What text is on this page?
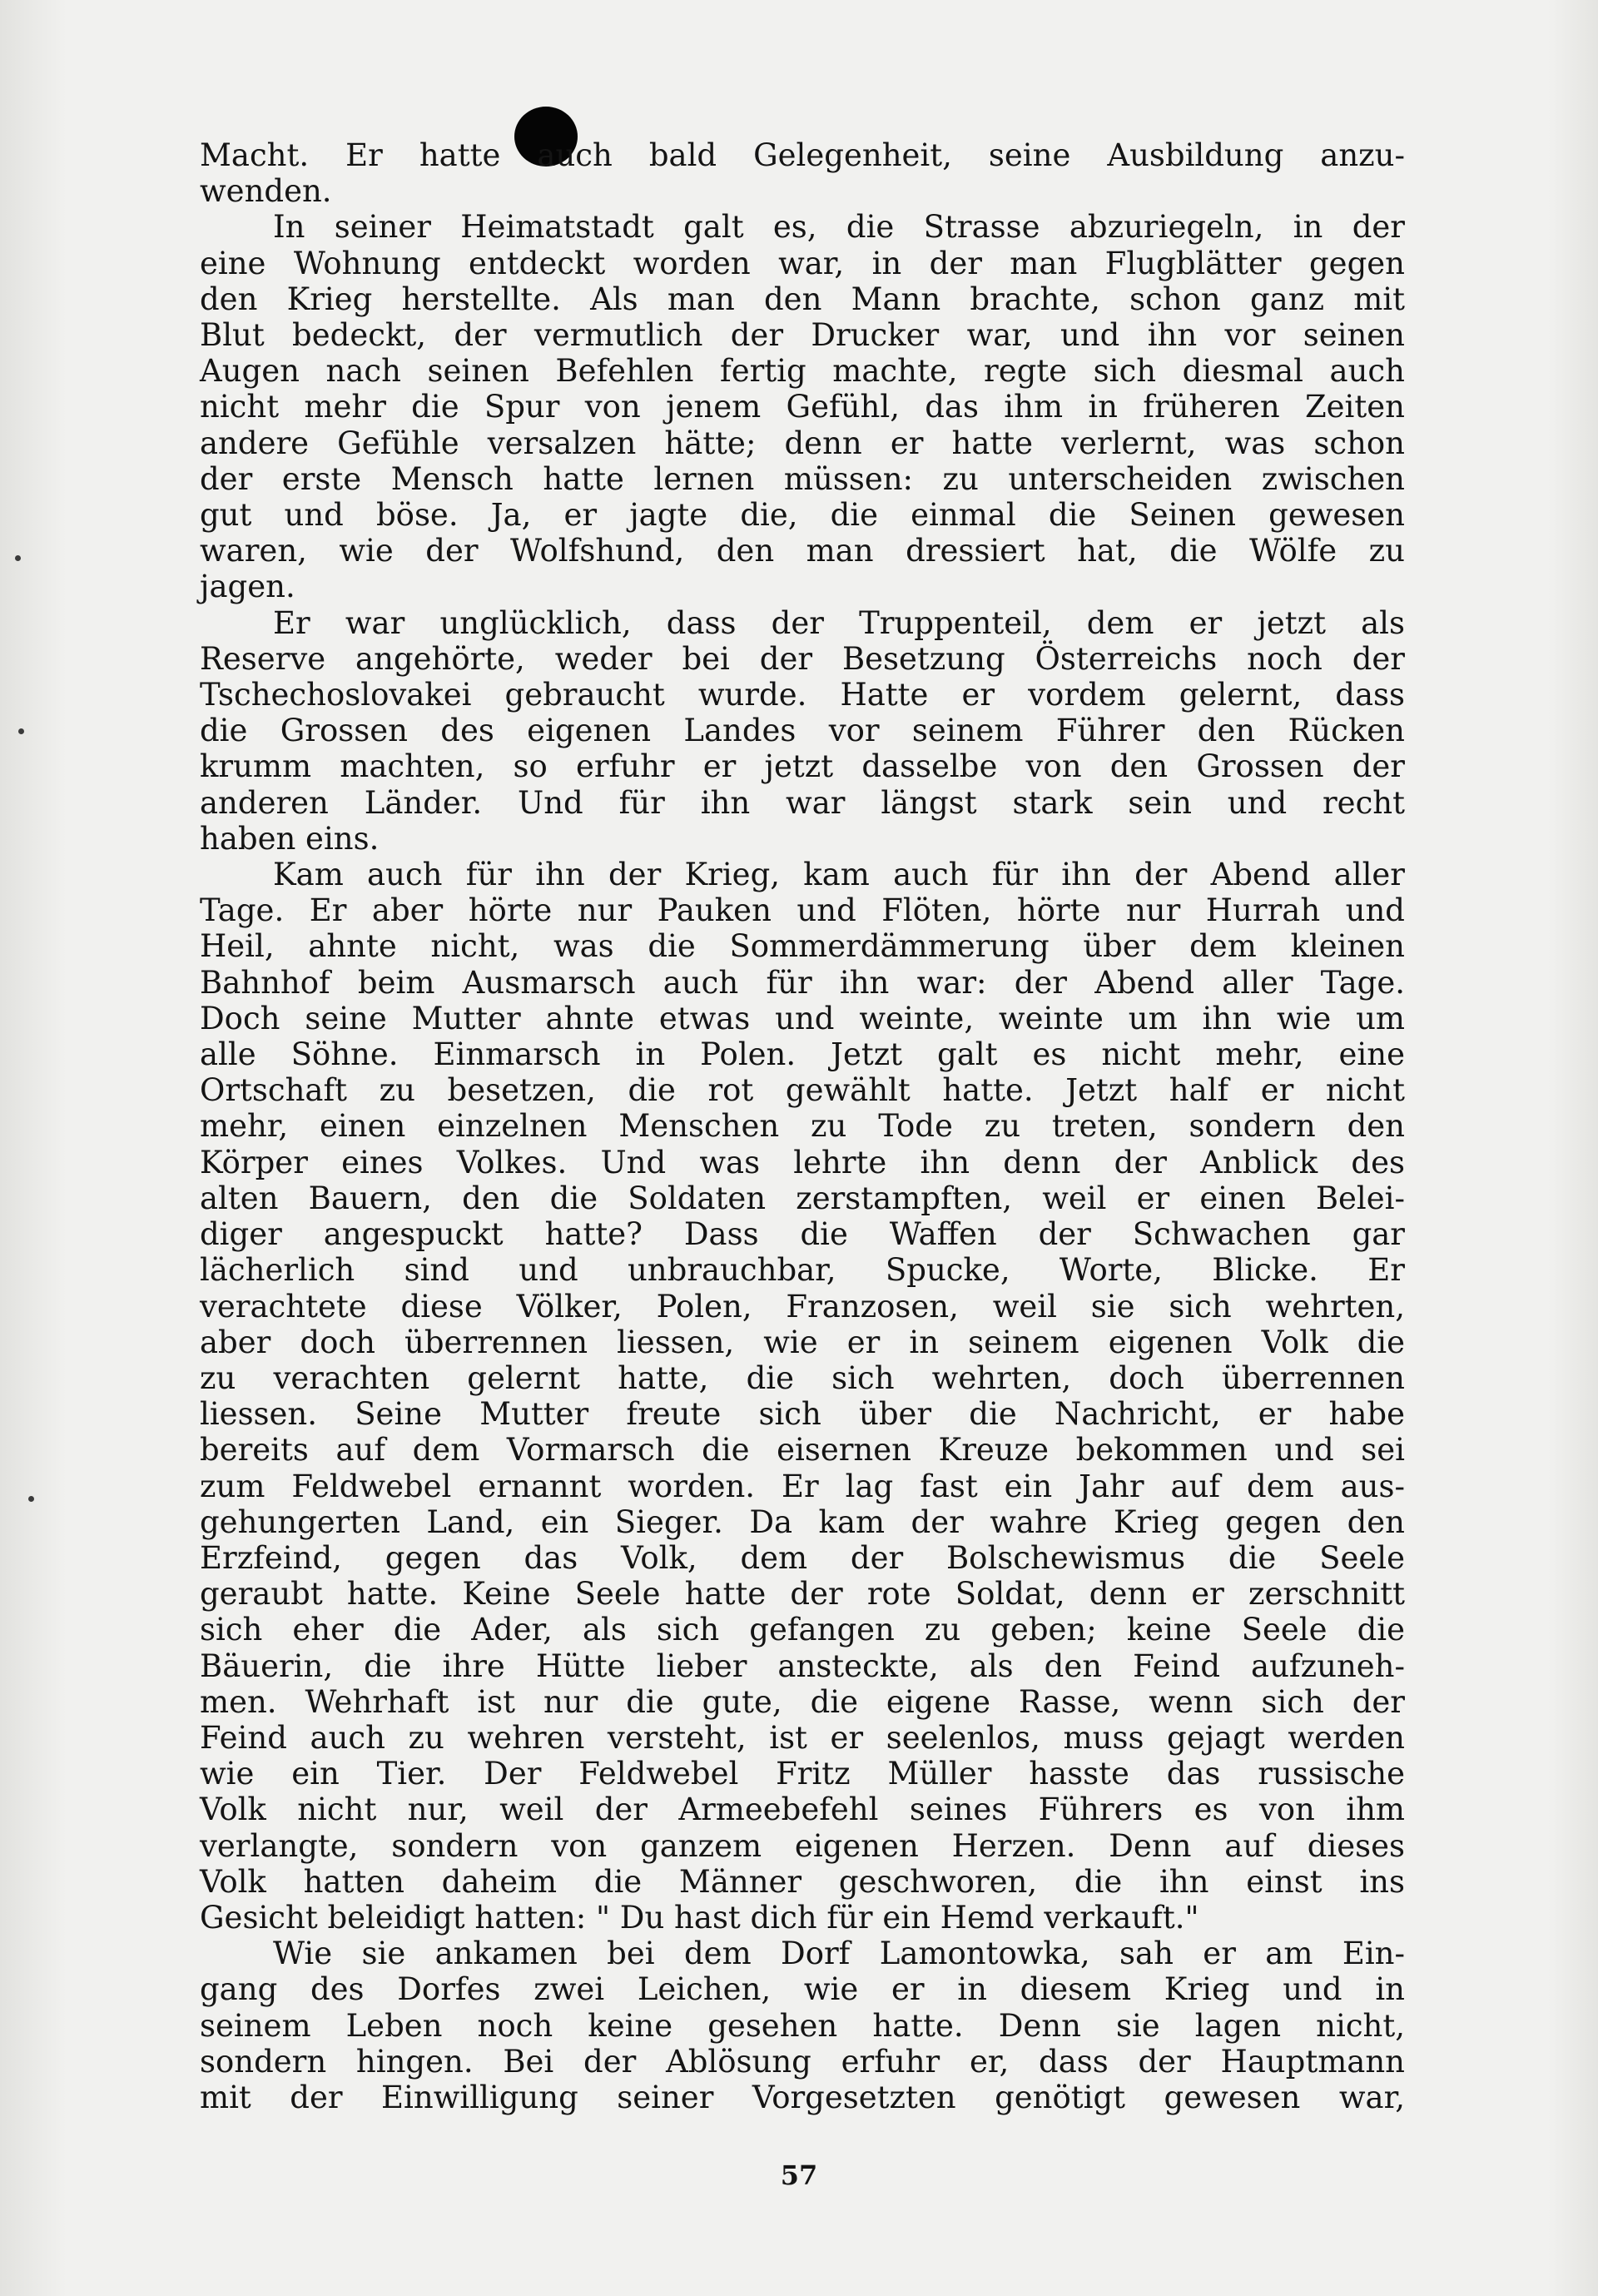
Macht. Er hatte auch bald Gelegenheit, seine Ausbildung anzu-
wenden.
In seiner Heimatstadt galt es, die Strasse abzuriegeln, in der
eine Wohnung entdeckt worden war, in der man Flugblätter gegen
den Krieg herstellte. Als man den Mann brachte, schon ganz mit
Blut bedeckt, der vermutlich der Drucker war, und ihn vor seinen
Augen nach seinen Befehlen fertig machte, regte sich diesmal auch
nicht mehr die Spur von jenem Gefühl, das ihm in früheren Zeiten
andere Gefühle versalzen hätte; denn er hatte verlernt, was schon
der erste Mensch hatte lernen müssen: zu unterscheiden zwischen
gut und böse. Ja, er jagte die, die einmal die Seinen gewesen
waren, wie der Wolfshund, den man dressiert hat, die Wölfe zu
jagen.
Er war unglücklich, dass der Truppenteil, dem er jetzt als
Reserve angehörte, weder bei der Besetzung Österreichs noch der
Tschechoslovakei gebraucht wurde. Hatte er vordem gelernt, dass
die Grossen des eigenen Landes vor seinem Führer den Rücken
krumm machten, so erfuhr er jetzt dasselbe von den Grossen der
anderen Länder. Und für ihn war längst stark sein und recht
haben eins.
Kam auch für ihn der Krieg, kam auch für ihn der Abend aller
Tage. Er aber hörte nur Pauken und Flöten, hörte nur Hurrah und
Heil, ahnte nicht, was die Sommerdämmerung über dem kleinen
Bahnhof beim Ausmarsch auch für ihn war: der Abend aller Tage.
Doch seine Mutter ahnte etwas und weinte, weinte um ihn wie um
alle Söhne. Einmarsch in Polen. Jetzt galt es nicht mehr, eine
Ortschaft zu besetzen, die rot gewählt hatte. Jetzt half er nicht
mehr, einen einzelnen Menschen zu Tode zu treten, sondern den
Körper eines Volkes. Und was lehrte ihn denn der Anblick des
alten Bauern, den die Soldaten zerstampften, weil er einen Belei-
diger angespuckt hatte? Dass die Waffen der Schwachen gar
lächerlich sind und unbrauchbar, Spucke, Worte, Blicke. Er
verachtete diese Völker, Polen, Franzosen, weil sie sich wehrten,
aber doch überrennen liessen, wie er in seinem eigenen Volk die
zu verachten gelernt hatte, die sich wehrten, doch überrennen
liessen. Seine Mutter freute sich über die Nachricht, er habe
bereits auf dem Vormarsch die eisernen Kreuze bekommen und sei
zum Feldwebel ernannt worden. Er lag fast ein Jahr auf dem aus-
gehungerten Land, ein Sieger. Da kam der wahre Krieg gegen den
Erzfeind, gegen das Volk, dem der Bolschewismus die Seele
geraubt hatte. Keine Seele hatte der rote Soldat, denn er zerschnitt
sich eher die Ader, als sich gefangen zu geben; keine Seele die
Bäuerin, die ihre Hütte lieber ansteckte, als den Feind aufzuneh-
men. Wehrhaft ist nur die gute, die eigene Rasse, wenn sich der
Feind auch zu wehren versteht, ist er seelenlos, muss gejagt werden
wie ein Tier. Der Feldwebel Fritz Müller hasste das russische
Volk nicht nur, weil der Armeebefehl seines Führers es von ihm
verlangte, sondern von ganzem eigenen Herzen. Denn auf dieses
Volk hatten daheim die Männer geschworen, die ihn einst ins
Gesicht beleidigt hatten: " Du hast dich für ein Hemd verkauft."
Wie sie ankamen bei dem Dorf Lamontowka, sah er am Ein-
gang des Dorfes zwei Leichen, wie er in diesem Krieg und in
seinem Leben noch keine gesehen hatte. Denn sie lagen nicht,
sondern hingen. Bei der Ablösung erfuhr er, dass der Hauptmann
mit der Einwilligung seiner Vorgesetzten genötigt gewesen war,
57
